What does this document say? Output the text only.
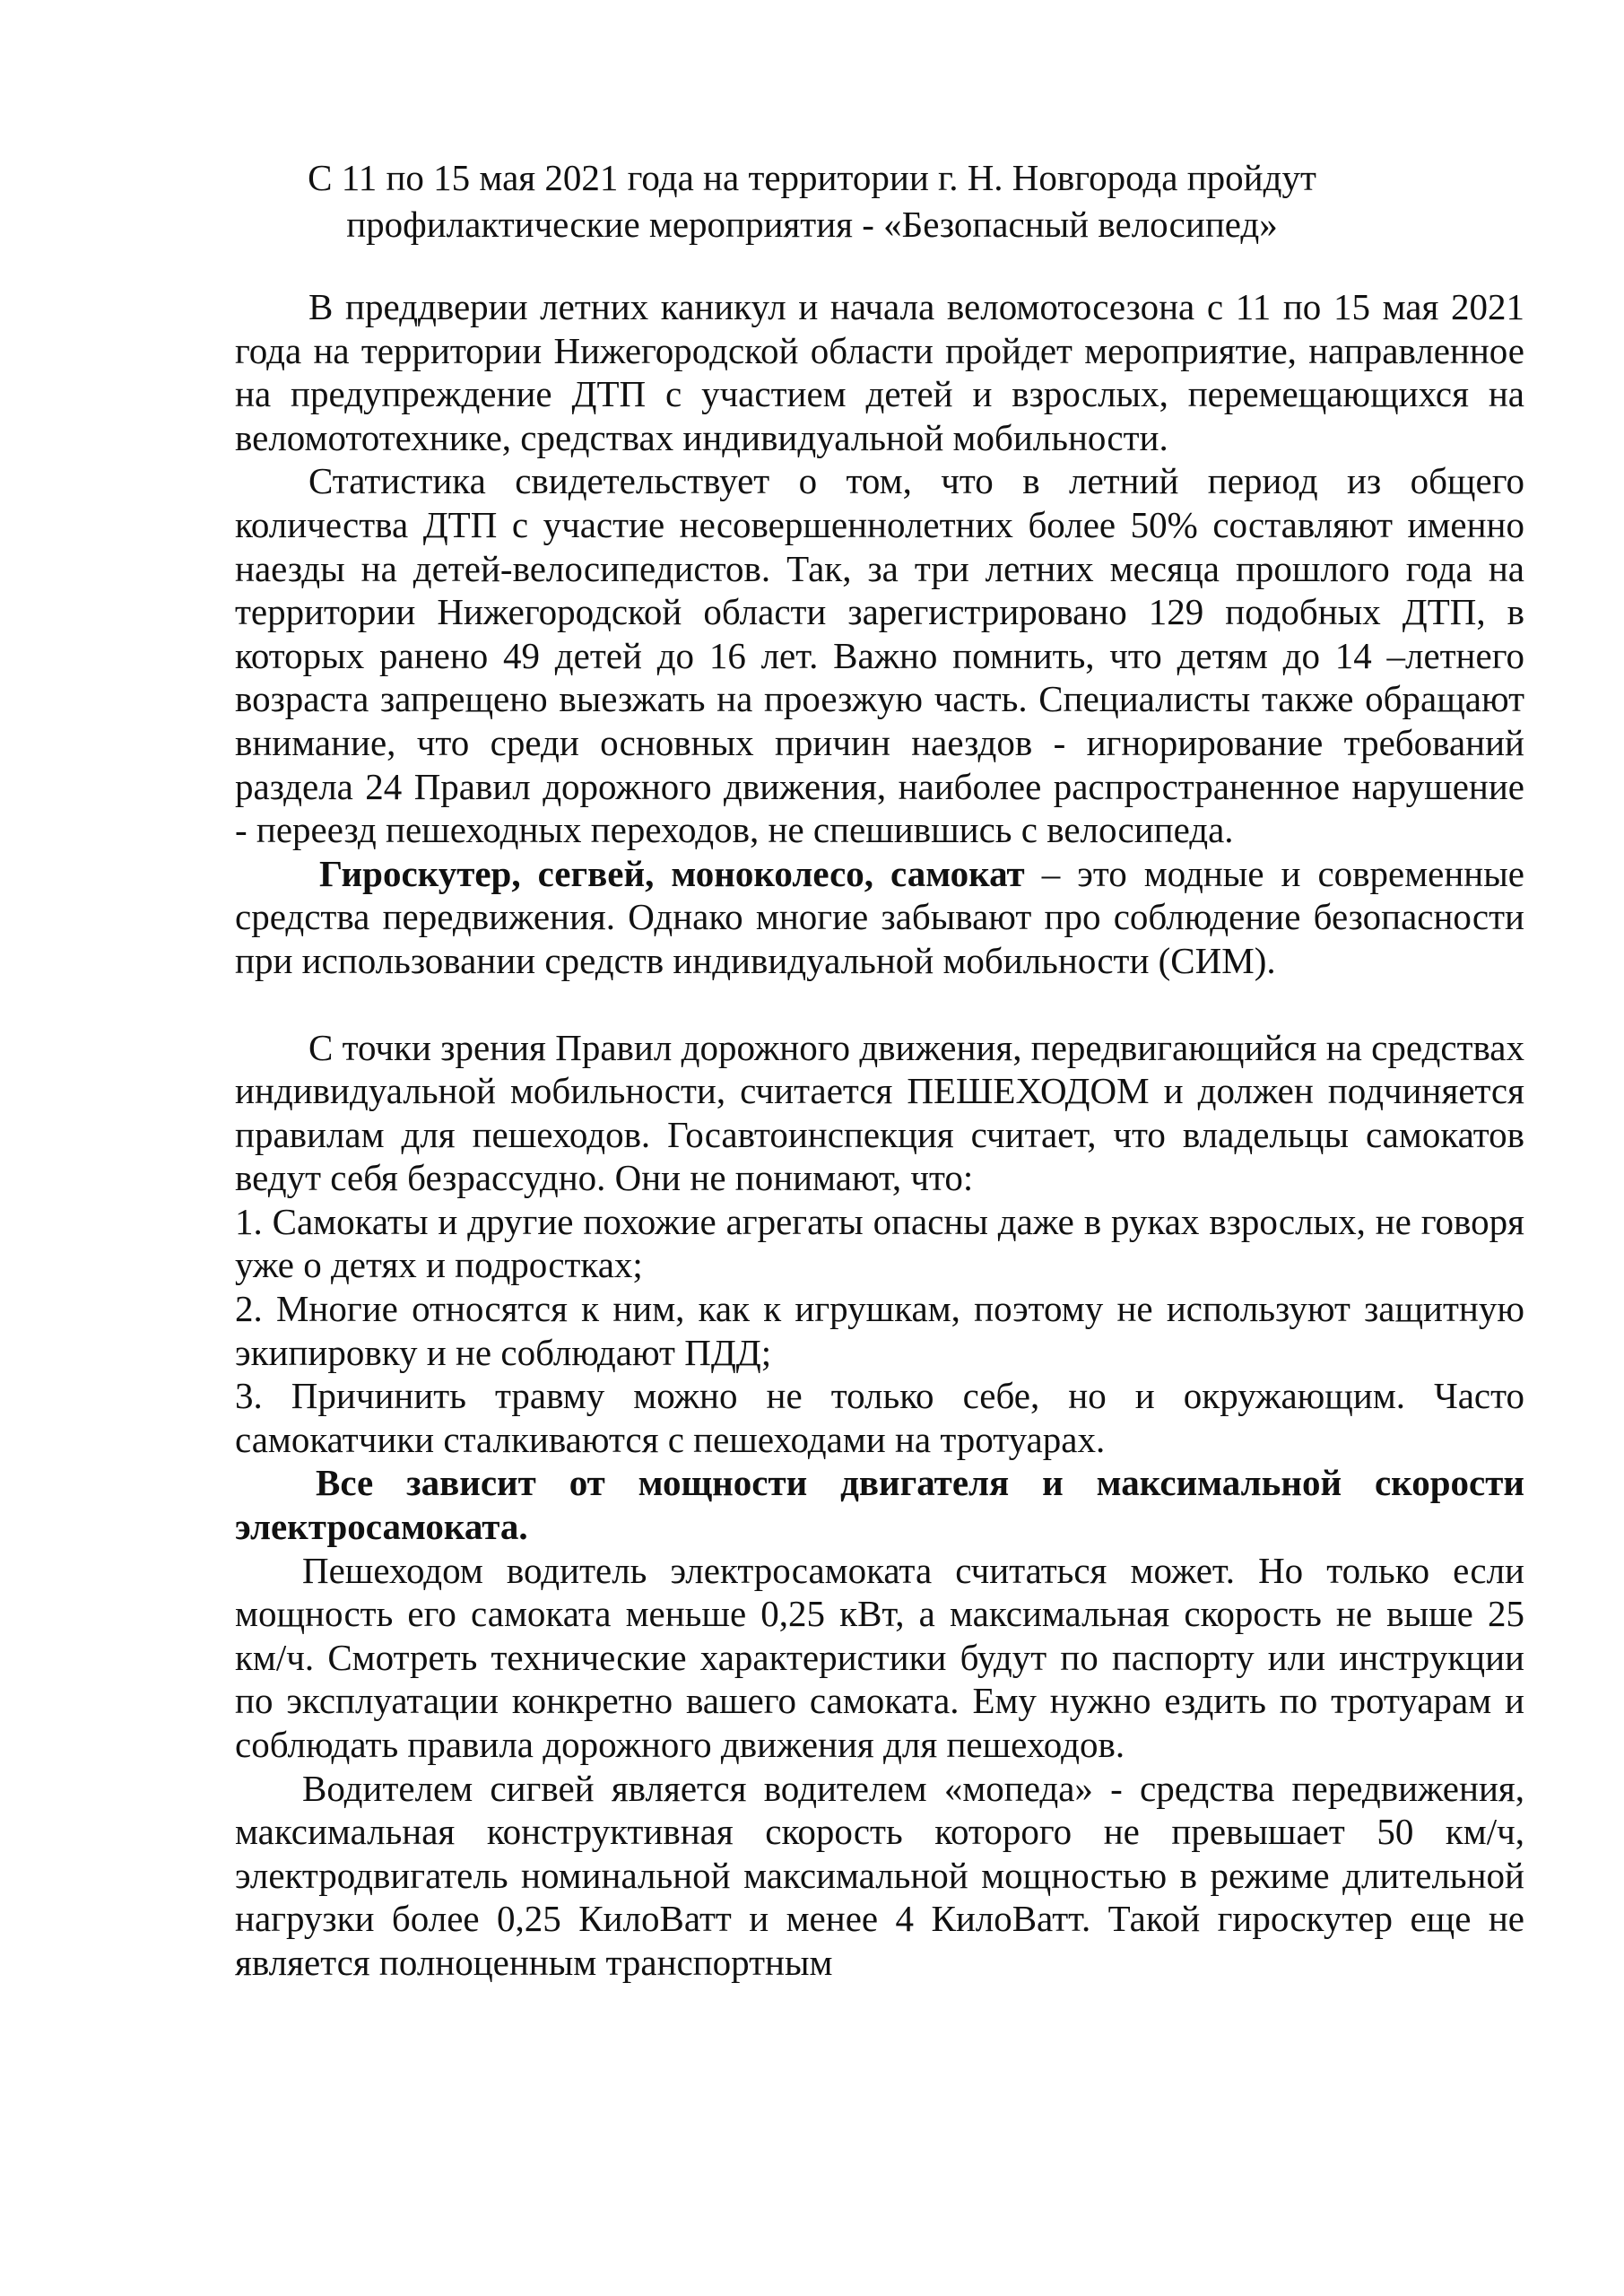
С 11 по 15 мая 2021 года на территории г. Н. Новгорода пройдут
профилактические мероприятия - «Безопасный велосипед»

В преддверии летних каникул и начала веломотосезона с 11 по 15 мая 2021 года на территории Нижегородской области пройдет мероприятие, направленное на предупреждение ДТП с участием детей и взрослых, перемещающихся на веломототехнике, средствах индивидуальной мобильности.

Статистика свидетельствует о том, что в летний период из общего количества ДТП с участие несовершеннолетних более 50% составляют именно наезды на детей-велосипедистов. Так, за три летних месяца прошлого года на территории Нижегородской области зарегистрировано 129 подобных ДТП, в которых ранено 49 детей до 16 лет. Важно помнить, что детям до 14 –летнего возраста запрещено выезжать на проезжую часть. Специалисты также обращают внимание, что среди основных причин наездов - игнорирование требований раздела 24 Правил дорожного движения, наиболее распространенное нарушение - переезд пешеходных переходов, не спешившись с велосипеда.

Гироскутер, сегвей, моноколесо, самокат – это модные и современные средства передвижения. Однако многие забывают про соблюдение безопасности при использовании средств индивидуальной мобильности (СИМ).

С точки зрения Правил дорожного движения, передвигающийся на средствах индивидуальной мобильности, считается ПЕШЕХОДОМ и должен подчиняется правилам для пешеходов. Госавтоинспекция считает, что владельцы самокатов ведут себя безрассудно. Они не понимают, что:

1. Самокаты и другие похожие агрегаты опасны даже в руках взрослых, не говоря уже о детях и подростках;

2. Многие относятся к ним, как к игрушкам, поэтому не используют защитную экипировку и не соблюдают ПДД;

3. Причинить травму можно не только себе, но и окружающим. Часто самокатчики сталкиваются с пешеходами на тротуарах.

Все зависит от мощности двигателя и максимальной скорости электросамоката.

Пешеходом водитель электросамоката считаться может. Но только если мощность его самоката меньше 0,25 кВт, а максимальная скорость не выше 25 км/ч. Смотреть технические характеристики будут по паспорту или инструкции по эксплуатации конкретно вашего самоката. Ему нужно ездить по тротуарам и соблюдать правила дорожного движения для пешеходов.

Водителем сигвей является водителем «мопеда» - средства передвижения, максимальная конструктивная скорость которого не превышает 50 км/ч, электродвигатель номинальной максимальной мощностью в режиме длительной нагрузки более 0,25 КилоВатт и менее 4 КилоВатт. Такой гироскутер еще не является полноценным транспортным
